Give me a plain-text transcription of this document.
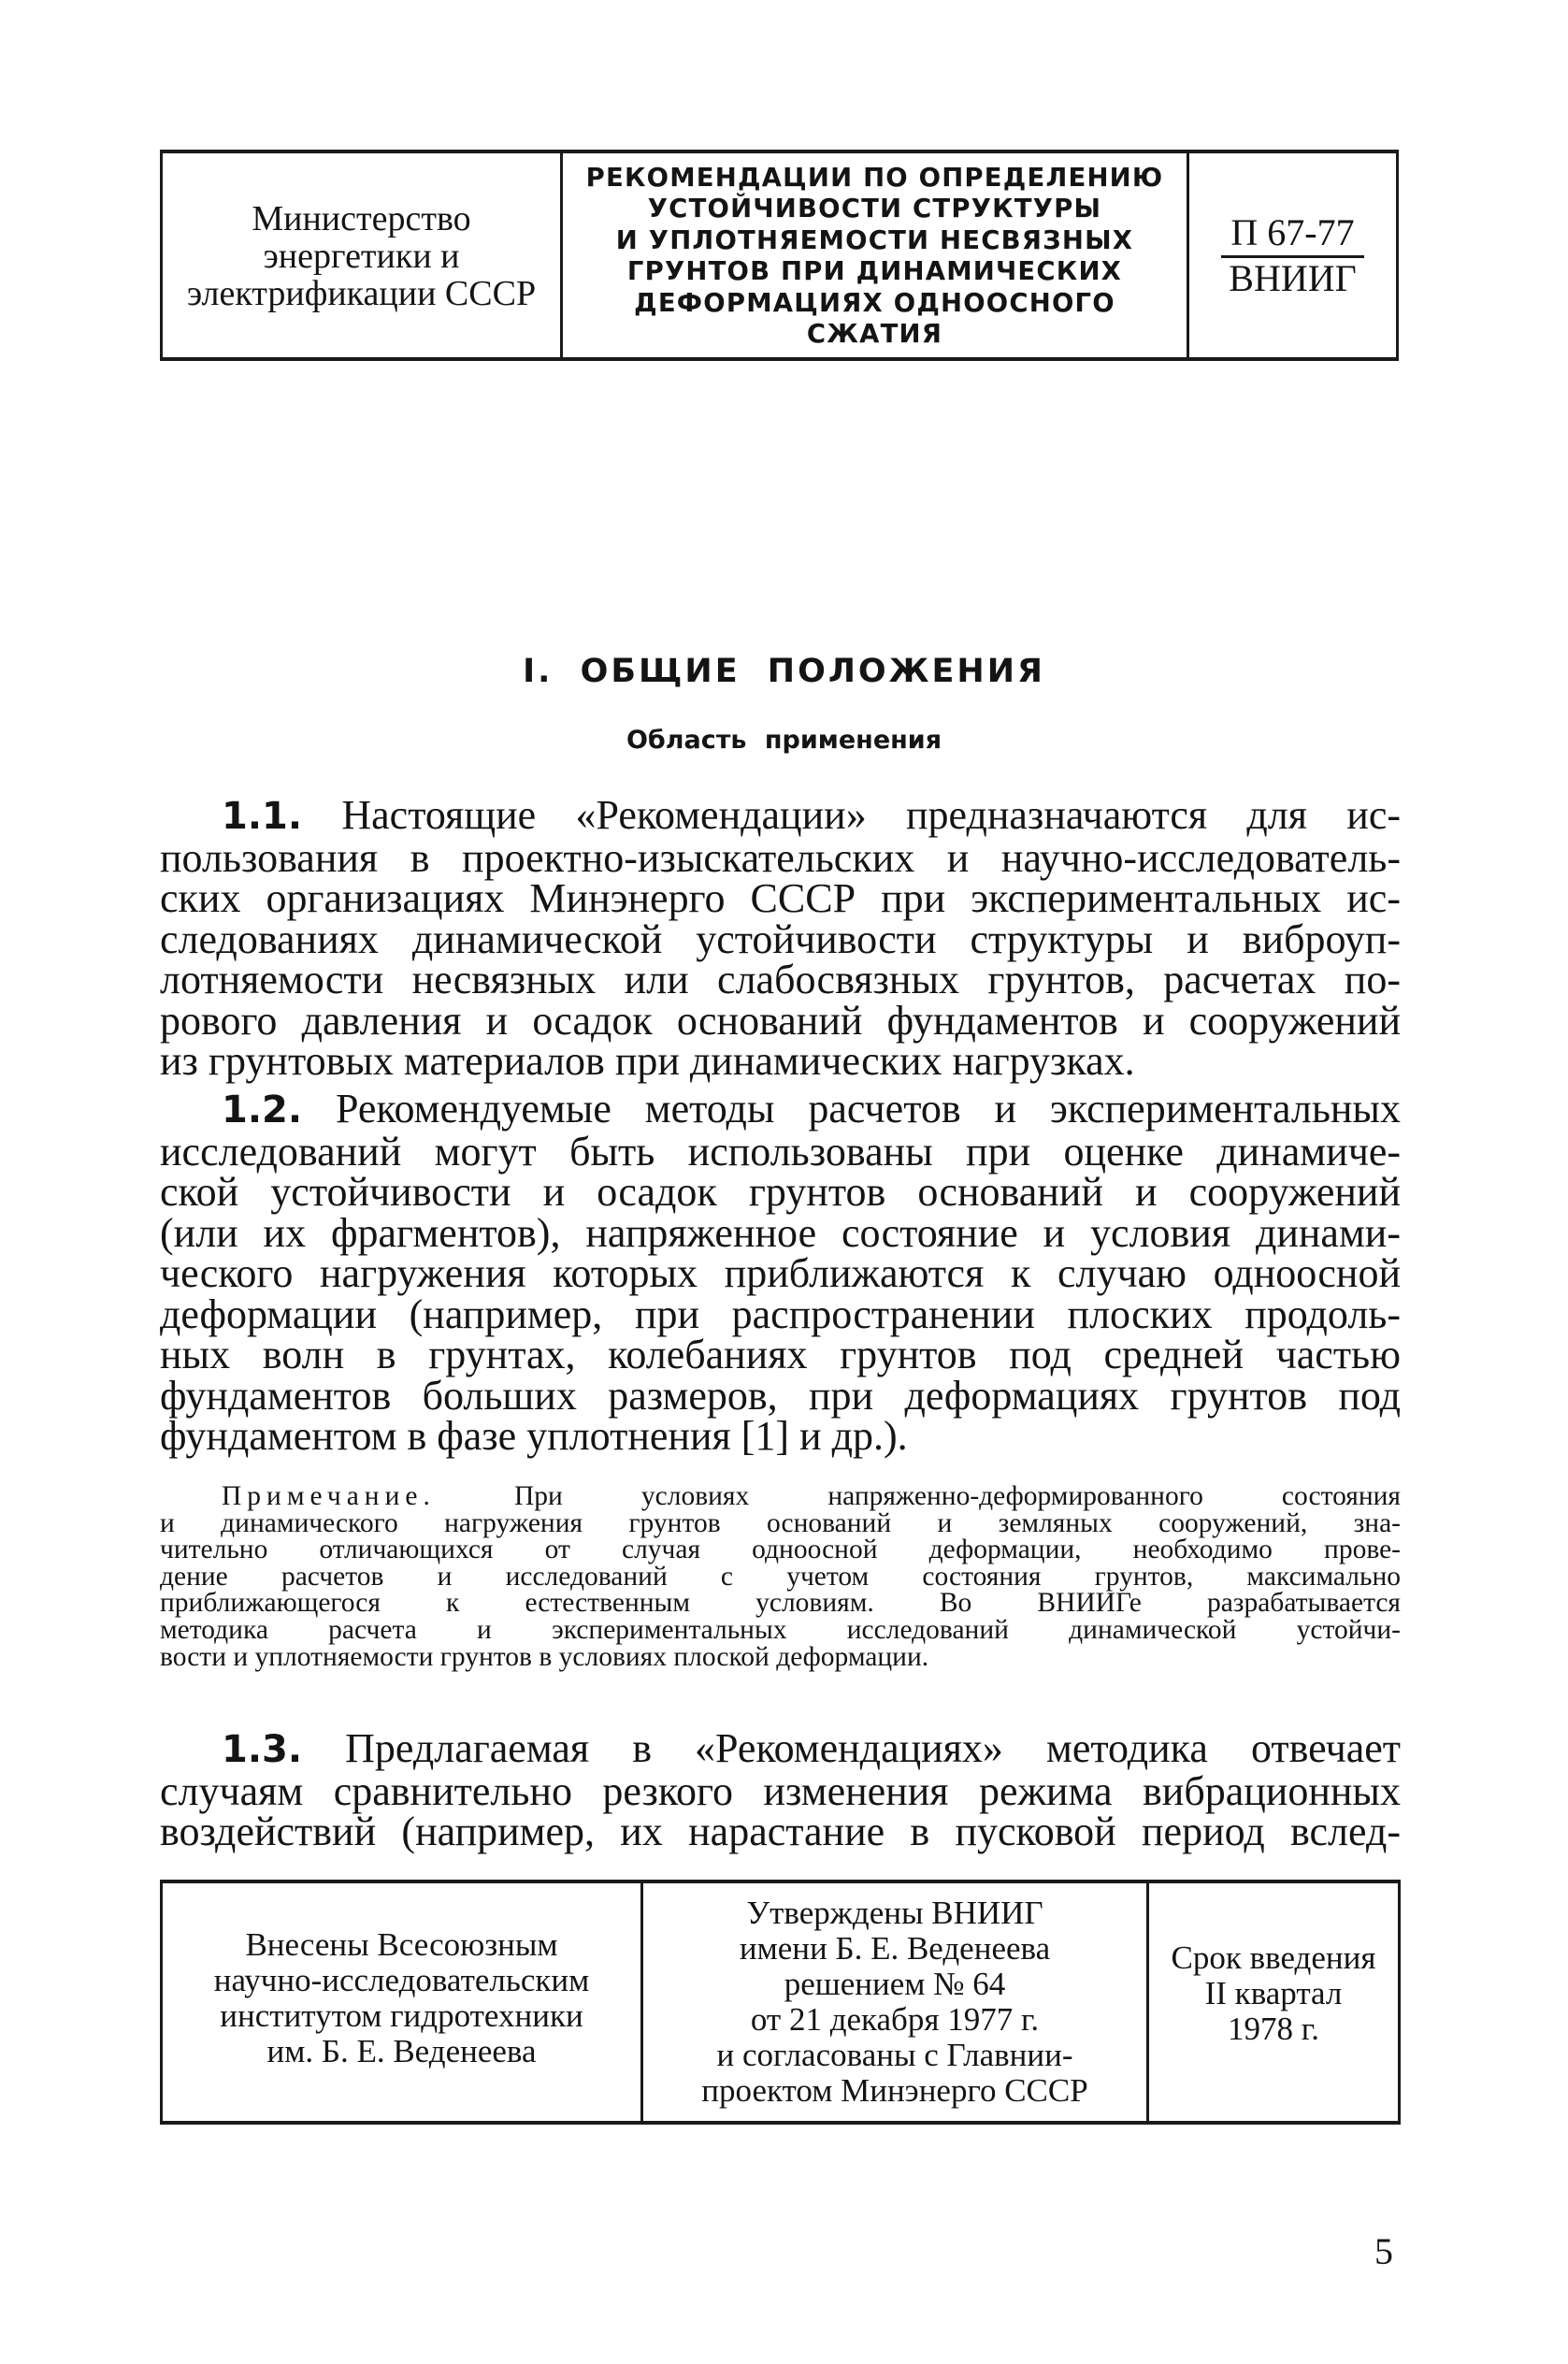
Министерство
энергетики и
электрификации СССР
РЕКОМЕНДАЦИИ ПО ОПРЕДЕЛЕНИЮ
УСТОЙЧИВОСТИ СТРУКТУРЫ
И УПЛОТНЯЕМОСТИ НЕСВЯЗНЫХ
ГРУНТОВ ПРИ ДИНАМИЧЕСКИХ
ДЕФОРМАЦИЯХ ОДНООСНОГО СЖАТИЯ
П 67-77
ВНИИГ
I. ОБЩИЕ ПОЛОЖЕНИЯ
Область применения
1.1. Настоящие «Рекомендации» предназначаются для ис-
пользования в проектно-изыскательских и научно-исследователь-
ских организациях Минэнерго СССР при экспериментальных ис-
следованиях динамической устойчивости структуры и виброуп-
лотняемости несвязных или слабосвязных грунтов, расчетах по-
рового давления и осадок оснований фундаментов и сооружений
из грунтовых материалов при динамических нагрузках.
1.2. Рекомендуемые методы расчетов и экспериментальных
исследований могут быть использованы при оценке динамиче-
ской устойчивости и осадок грунтов оснований и сооружений
(или их фрагментов), напряженное состояние и условия динами-
ческого нагружения которых приближаются к случаю одноосной
деформации (например, при распространении плоских продоль-
ных волн в грунтах, колебаниях грунтов под средней частью
фундаментов больших размеров, при деформациях грунтов под
фундаментом в фазе уплотнения [1] и др.).
Примечание.	При условиях напряженно-деформированного состояния
и динамического нагружения грунтов оснований и земляных сооружений, зна-
чительно отличающихся от случая одноосной деформации, необходимо прове-
дение расчетов и исследований с учетом состояния грунтов, максимально
приближающегося к естественным условиям. Во ВНИИГе разрабатывается
методика расчета и экспериментальных исследований динамической устойчи-
вости и уплотняемости грунтов в условиях плоской деформации.
1.3. Предлагаемая в «Рекомендациях» методика отвечает
случаям сравнительно резкого изменения режима вибрационных
воздействий (например, их нарастание в пусковой период вслед-
Внесены Всесоюзным
научно-исследовательским
институтом гидротехники
им. Б. Е. Веденеева
Утверждены ВНИИГ
имени Б. Е. Веденеева
решением № 64
от 21 декабря 1977 г.
и согласованы с Главнии-
проектом Минэнерго СССР
Срок введения
II квартал
1978 г.
5
